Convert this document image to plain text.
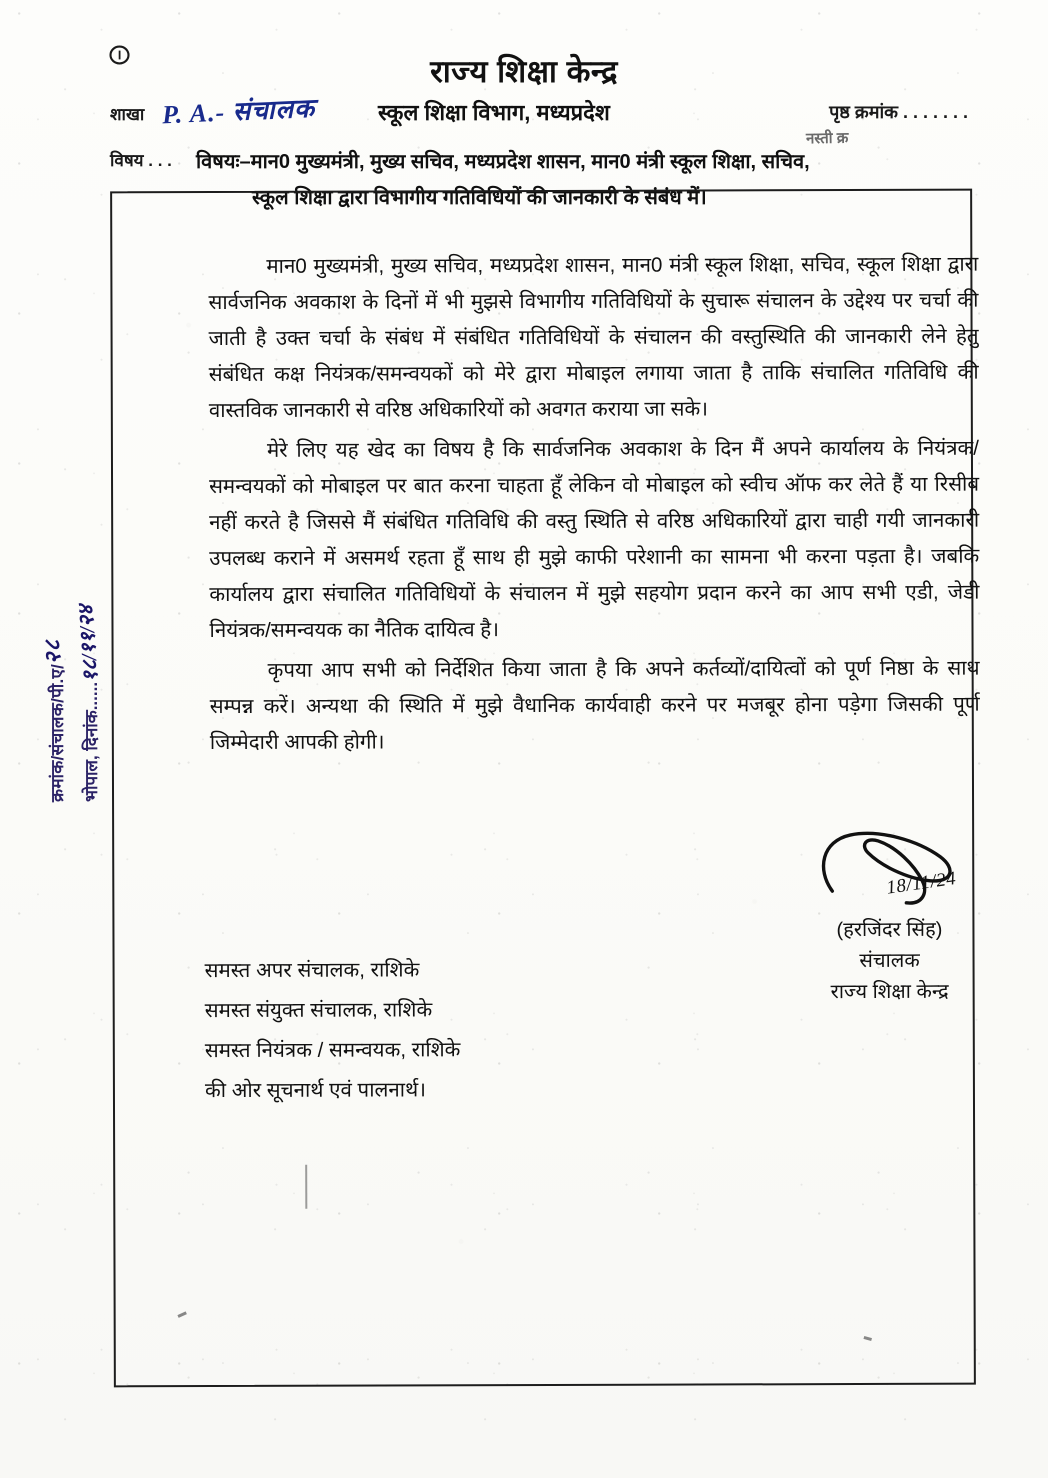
राज्य शिक्षा केन्द्र
शाखा P. A.- संचालक	स्कूल शिक्षा विभाग, मध्यप्रदेश	पृष्ठ क्रमांक . . . . . . .
विषय . . . विषयः–मान0 मुख्यमंत्री, मुख्य सचिव, मध्यप्रदेश शासन, मान0 मंत्री स्कूल शिक्षा, सचिव,
स्कूल शिक्षा द्वारा विभागीय गतिविधियों की जानकारी के संबंध में।
नस्ती क्र

मान0 मुख्यमंत्री, मुख्य सचिव, मध्यप्रदेश शासन, मान0 मंत्री स्कूल शिक्षा, सचिव, स्कूल शिक्षा द्वारा सार्वजनिक अवकाश के दिनों में भी मुझसे विभागीय गतिविधियों के सुचारू संचालन के उद्देश्य पर चर्चा की जाती है उक्त चर्चा के संबंध में संबंधित गतिविधियों के संचालन की वस्तुस्थिति की जानकारी लेने हेतु संबंधित कक्ष नियंत्रक/समन्वयकों को मेरे द्वारा मोबाइल लगाया जाता है ताकि संचालित गतिविधि की वास्तविक जानकारी से वरिष्ठ अधिकारियों को अवगत कराया जा सके।

मेरे लिए यह खेद का विषय है कि सार्वजनिक अवकाश के दिन मैं अपने कार्यालय के नियंत्रक/समन्वयकों को मोबाइल पर बात करना चाहता हूँ लेकिन वो मोबाइल को स्वीच ऑफ कर लेते हैं या रिसीब नहीं करते है जिससे मैं संबंधित गतिविधि की वस्तु स्थिति से वरिष्ठ अधिकारियों द्वारा चाही गयी जानकारी उपलब्ध कराने में असमर्थ रहता हूँ साथ ही मुझे काफी परेशानी का सामना भी करना पड़ता है। जबकि कार्यालय द्वारा संचालित गतिविधियों के संचालन में मुझे सहयोग प्रदान करने का आप सभी एडी, जेडी नियंत्रक/समन्वयक का नैतिक दायित्व है।

कृपया आप सभी को निर्देशित किया जाता है कि अपने कर्तव्यों/दायित्वों को पूर्ण निष्ठा के साथ सम्पन्न करें। अन्यथा की स्थिति में मुझे वैधानिक कार्यवाही करने पर मजबूर होना पड़ेगा जिसकी पूर्ण जिम्मेदारी आपकी होगी।

18/11/24
(हरजिंदर सिंह)
संचालक
राज्य शिक्षा केन्द्र
समस्त अपर संचालक, राशिके
समस्त संयुक्त संचालक, राशिके
समस्त नियंत्रक / समन्वयक, राशिके
की ओर सूचनार्थ एवं पालनार्थ।
क्रमांक/संचालक/पी.ए/२८
भोपाल, दिनांक......१८/११/२४
